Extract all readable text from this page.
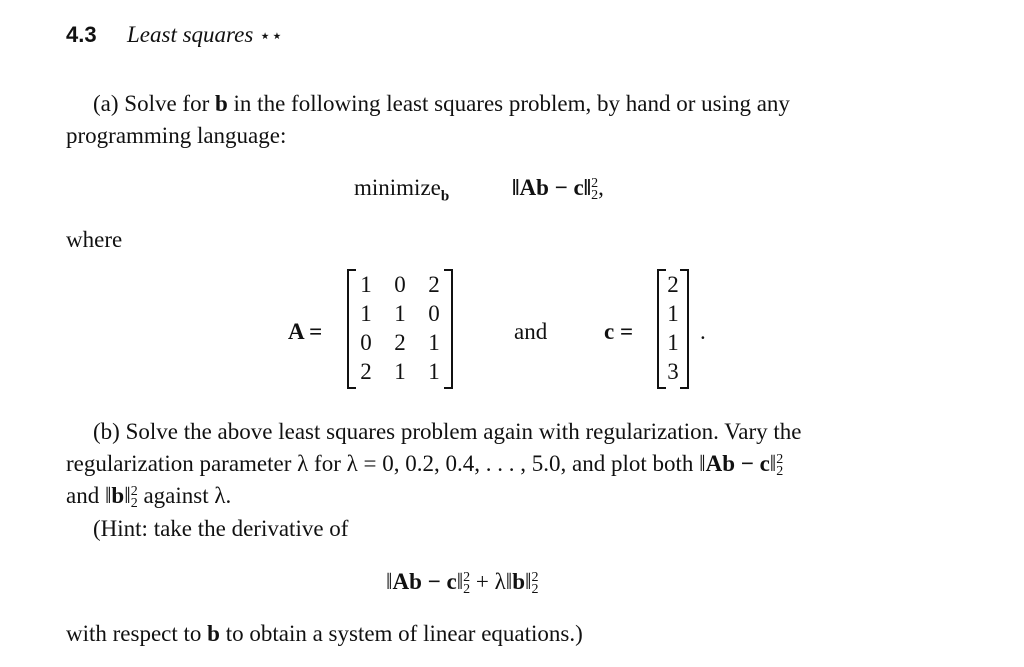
4.3 Least squares ⋆⋆
(a) Solve for b in the following least squares problem, by hand or using any
programming language:
minimize$_b$	‖Ab − c‖ 2
2 ,
where
A =
1 0 2
1 1 0
0 2 1
2 1 1
and c =
2
1
1
3
.
(b) Solve the above least squares problem again with regularization. Vary the
regularization parameter λ for λ = 0, 0.2, 0.4, . . . , 5.0, and plot both ‖Ab − c‖ 2
2
and ‖b‖ 2
2 against λ.
(Hint: take the derivative of
‖Ab − c‖ 2
2 + λ‖b‖ 2
2
with respect to b to obtain a system of linear equations.)
